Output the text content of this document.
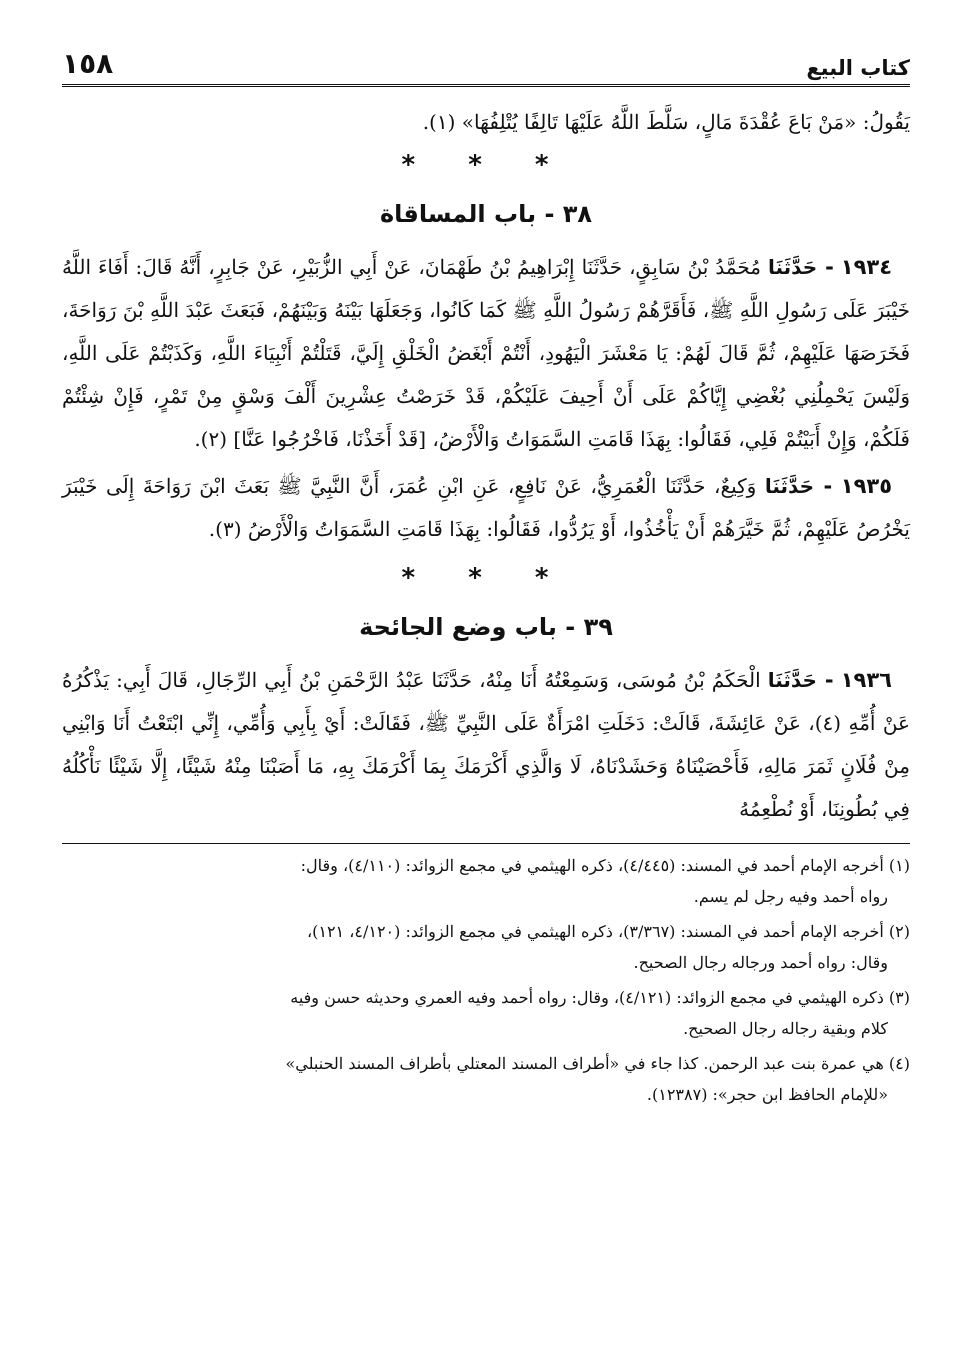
كتاب البيع
١٥٨

يَقُولُ: «مَنْ بَاعَ عُقْدَةَ مَالٍ، سَلَّطَ اللَّهُ عَلَيْهَا تَالِفًا يُتْلِفُهَا» (١).

* * *
٣٨ - باب المساقاة

١٩٣٤ - حَدَّثَنَا مُحَمَّدُ بْنُ سَابِقٍ، حَدَّثَنَا إِبْرَاهِيمُ بْنُ طَهْمَانَ، عَنْ أَبِي الزُّبَيْرِ، عَنْ جَابِرٍ، أَنَّهُ قَالَ: أَفَاءَ اللَّهُ خَيْبَرَ عَلَى رَسُولِ اللَّهِ ﷺ، فَأَقَرَّهُمْ رَسُولُ اللَّهِ ﷺ كَمَا كَانُوا، وَجَعَلَهَا بَيْنَهُ وَبَيْنَهُمْ، فَبَعَثَ عَبْدَ اللَّهِ بْنَ رَوَاحَةَ، فَخَرَصَهَا عَلَيْهِمْ، ثُمَّ قَالَ لَهُمْ: يَا مَعْشَرَ الْيَهُودِ، أَنْتُمْ أَبْغَضُ الْخَلْقِ إِلَيَّ، قَتَلْتُمْ أَنْبِيَاءَ اللَّهِ، وَكَذَبْتُمْ عَلَى اللَّهِ، وَلَيْسَ يَحْمِلُنِي بُغْضِي إِيَّاكُمْ عَلَى أَنْ أَحِيفَ عَلَيْكُمْ، قَدْ خَرَصْتُ عِشْرِينَ أَلْفَ وَسْقٍ مِنْ تَمْرٍ، فَإِنْ شِئْتُمْ فَلَكُمْ، وَإِنْ أَبَيْتُمْ فَلِي، فَقَالُوا: بِهَذَا قَامَتِ السَّمَوَاتُ وَالْأَرْضُ، [قَدْ أَخَذْنَا، فَاخْرُجُوا عَنَّا] (٢).

١٩٣٥ - حَدَّثَنَا وَكِيعٌ، حَدَّثَنَا الْعُمَرِيُّ، عَنْ نَافِعٍ، عَنِ ابْنِ عُمَرَ، أَنَّ النَّبِيَّ ﷺ بَعَثَ ابْنَ رَوَاحَةَ إِلَى خَيْبَرَ يَخْرُصُ عَلَيْهِمْ، ثُمَّ خَيَّرَهُمْ أَنْ يَأْخُذُوا، أَوْ يَرُدُّوا، فَقَالُوا: بِهَذَا قَامَتِ السَّمَوَاتُ وَالْأَرْضُ (٣).

* * *
٣٩ - باب وضع الجائحة

١٩٣٦ - حَدَّثَنَا الْحَكَمُ بْنُ مُوسَى، وَسَمِعْتُهُ أَنَا مِنْهُ، حَدَّثَنَا عَبْدُ الرَّحْمَنِ بْنُ أَبِي الرِّجَالِ، قَالَ أَبِي: يَذْكُرُهُ عَنْ أُمِّهِ (٤)، عَنْ عَائِشَةَ، قَالَتْ: دَخَلَتِ امْرَأَةٌ عَلَى النَّبِيِّ ﷺ، فَقَالَتْ: أَيْ بِأَبِي وَأُمِّي، إِنِّي ابْتَعْتُ أَنَا وَابْنِي مِنْ فُلَانٍ ثَمَرَ مَالِهِ، فَأَحْصَيْنَاهُ وَحَشَدْنَاهُ، لَا وَالَّذِي أَكْرَمَكَ بِمَا أَكْرَمَكَ بِهِ، مَا أَصَبْنَا مِنْهُ شَيْئًا، إِلَّا شَيْئًا نَأْكُلُهُ فِي بُطُونِنَا، أَوْ نُطْعِمُهُ

(١) أخرجه الإمام أحمد في المسند: (٤/٤٤٥)، ذكره الهيثمي في مجمع الزوائد: (٤/١١٠)، وقال:
رواه أحمد وفيه رجل لم يسم.
(٢) أخرجه الإمام أحمد في المسند: (٣/٣٦٧)، ذكره الهيثمي في مجمع الزوائد: (٤/١٢٠، ١٢١)،
وقال: رواه أحمد ورجاله رجال الصحيح.
(٣) ذكره الهيثمي في مجمع الزوائد: (٤/١٢١)، وقال: رواه أحمد وفيه العمري وحديثه حسن وفيه
كلام وبقية رجاله رجال الصحيح.
(٤) هي عمرة بنت عبد الرحمن. كذا جاء في «أطراف المسند المعتلي بأطراف المسند الحنبلي»
«للإمام الحافظ ابن حجر»: (١٢٣٨٧).
